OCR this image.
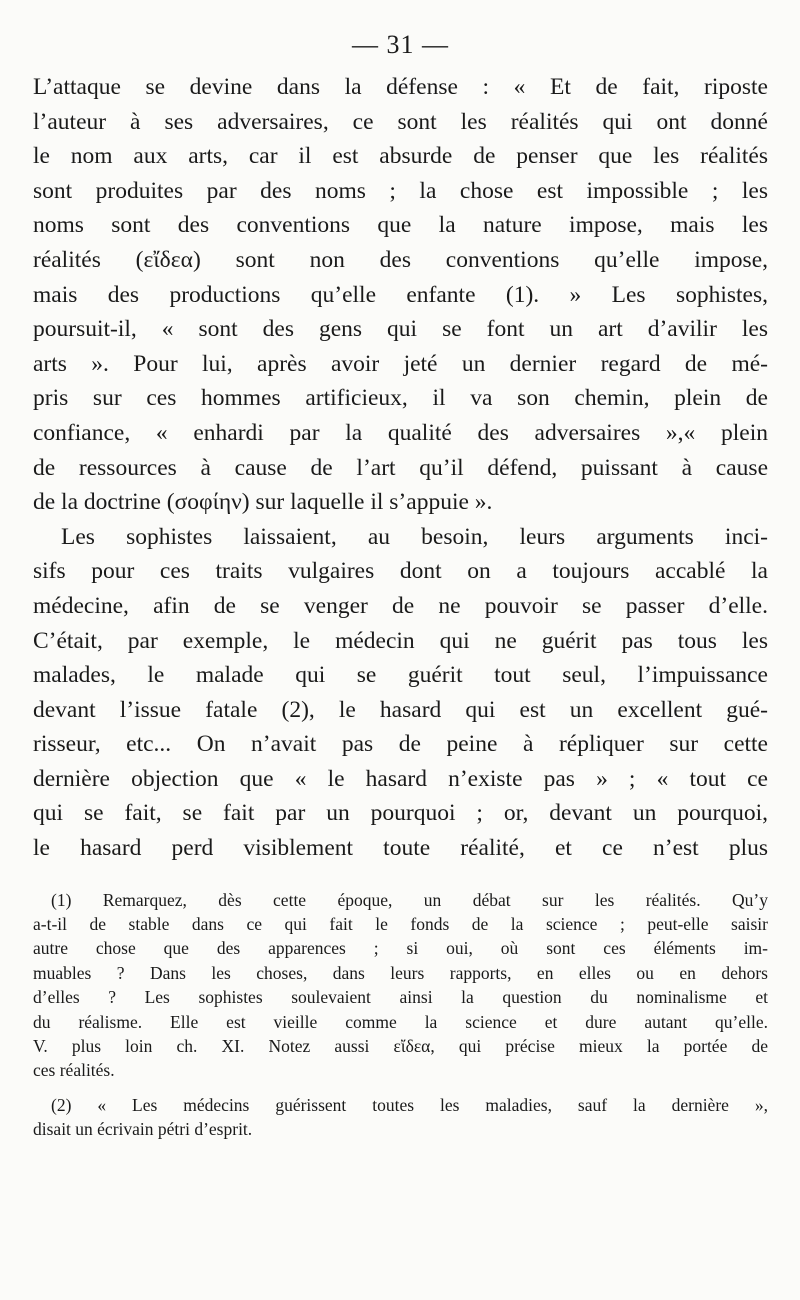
— 31 —
L’attaque se devine dans la défense : « Et de fait, riposte
l’auteur à ses adversaires, ce sont les réalités qui ont donné
le nom aux arts, car il est absurde de penser que les réalités
sont produites par des noms ; la chose est impossible ; les
noms sont des conventions que la nature impose, mais les
réalités (εἴδεα) sont non des conventions qu’elle impose,
mais des productions qu’elle enfante (1). » Les sophistes,
poursuit-il, « sont des gens qui se font un art d’avilir les
arts ». Pour lui, après avoir jeté un dernier regard de mé-
pris sur ces hommes artificieux, il va son chemin, plein de
confiance, « enhardi par la qualité des adversaires »,« plein
de ressources à cause de l’art qu’il défend, puissant à cause
de la doctrine (σοφίην) sur laquelle il s’appuie ».
Les sophistes laissaient, au besoin, leurs arguments inci-
sifs pour ces traits vulgaires dont on a toujours accablé la
médecine, afin de se venger de ne pouvoir se passer d’elle.
C’était, par exemple, le médecin qui ne guérit pas tous les
malades, le malade qui se guérit tout seul, l’impuissance
devant l’issue fatale (2), le hasard qui est un excellent gué-
risseur, etc... On n’avait pas de peine à répliquer sur cette
dernière objection que « le hasard n’existe pas » ; « tout ce
qui se fait, se fait par un pourquoi ; or, devant un pourquoi,
le hasard perd visiblement toute réalité, et ce n’est plus
(1) Remarquez, dès cette époque, un débat sur les réalités. Qu’y
a-t-il de stable dans ce qui fait le fonds de la science ; peut-elle saisir
autre chose que des apparences ; si oui, où sont ces éléments im-
muables ? Dans les choses, dans leurs rapports, en elles ou en dehors
d’elles ? Les sophistes soulevaient ainsi la question du nominalisme et
du réalisme. Elle est vieille comme la science et dure autant qu’elle.
V. plus loin ch. XI. Notez aussi εἴδεα, qui précise mieux la portée de
ces réalités.
(2) « Les médecins guérissent toutes les maladies, sauf la dernière »,
disait un écrivain pétri d’esprit.
